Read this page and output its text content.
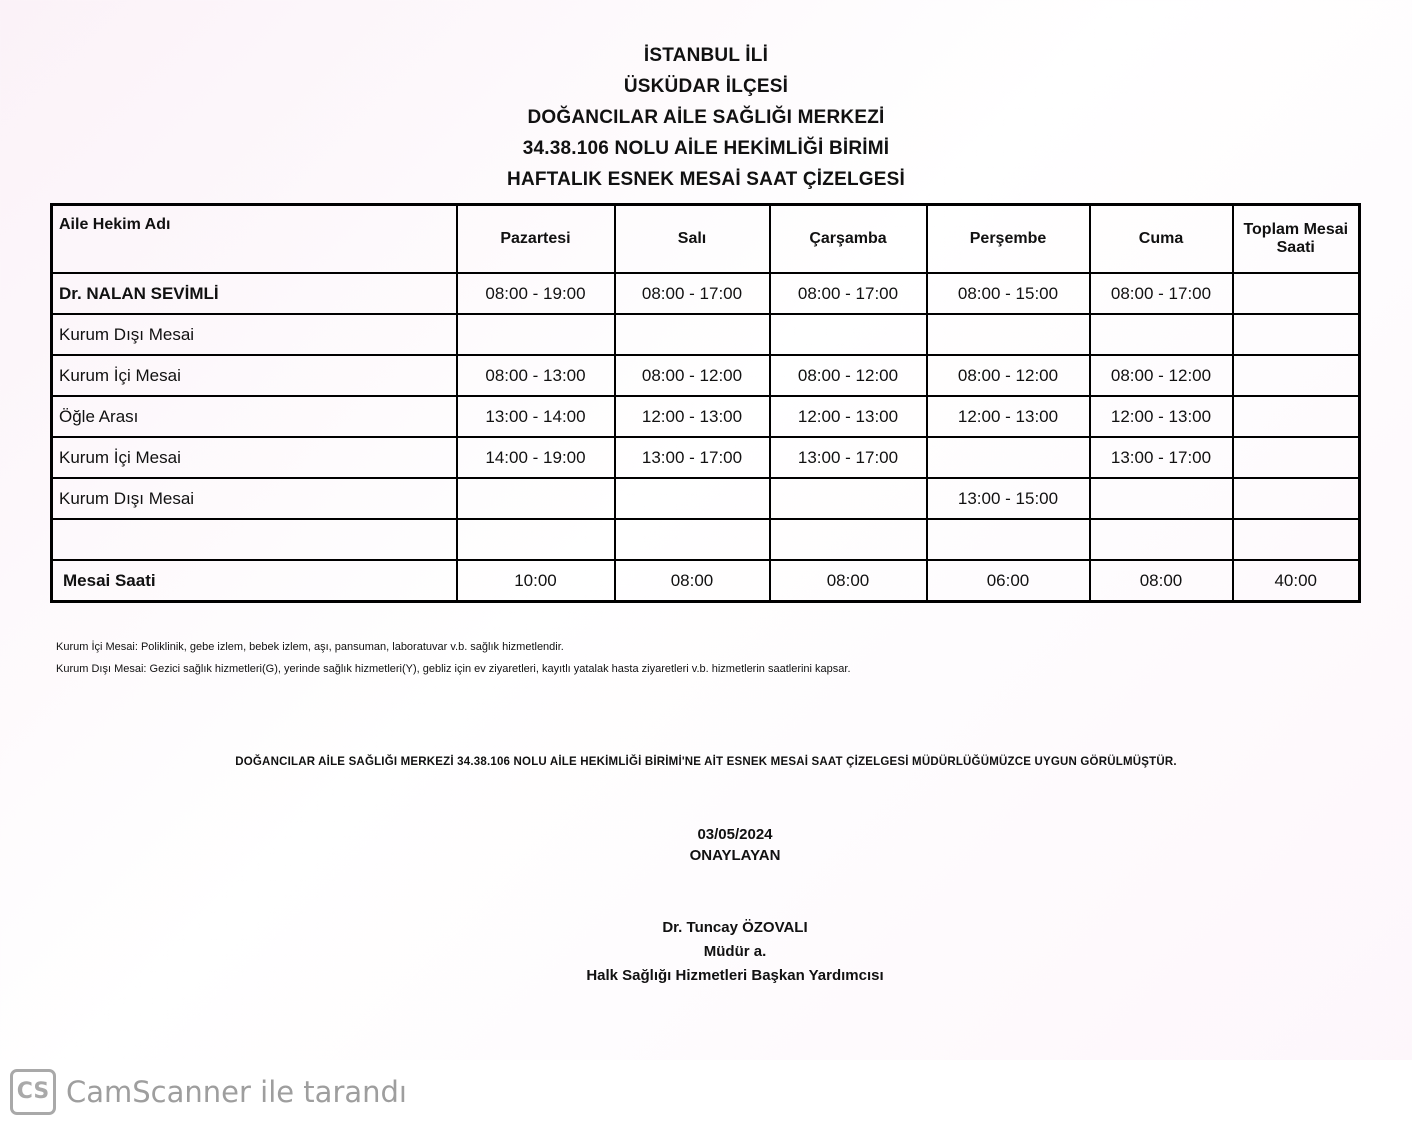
İSTANBUL İLİ
ÜSKÜDAR İLÇESİ
DOĞANCILAR AİLE SAĞLIĞI MERKEZİ
34.38.106 NOLU AİLE HEKİMLİĞİ BİRİMİ
HAFTALIK ESNEK MESAİ SAAT ÇİZELGESİ
Aile Hekim Adı	Pazartesi	Salı	Çarşamba	Perşembe	Cuma	Toplam Mesai Saati
Dr. NALAN SEVİMLİ	08:00 - 19:00	08:00 - 17:00	08:00 - 17:00	08:00 - 15:00	08:00 - 17:00	
Kurum Dışı Mesai						
Kurum İçi Mesai	08:00 - 13:00	08:00 - 12:00	08:00 - 12:00	08:00 - 12:00	08:00 - 12:00	
Öğle Arası	13:00 - 14:00	12:00 - 13:00	12:00 - 13:00	12:00 - 13:00	12:00 - 13:00	
Kurum İçi Mesai	14:00 - 19:00	13:00 - 17:00	13:00 - 17:00		13:00 - 17:00	
Kurum Dışı Mesai				13:00 - 15:00		

Mesai Saati	10:00	08:00	08:00	06:00	08:00	40:00
Kurum İçi Mesai: Poliklinik, gebe izlem, bebek izlem, aşı, pansuman, laboratuvar v.b. sağlık hizmetlendir.
Kurum Dışı Mesai: Gezici sağlık hizmetleri(G), yerinde sağlık hizmetleri(Y), gebliz için ev ziyaretleri, kayıtlı yatalak hasta ziyaretleri v.b. hizmetlerin saatlerini kapsar.
DOĞANCILAR AİLE SAĞLIĞI MERKEZİ 34.38.106 NOLU AİLE HEKİMLİĞİ BİRİMİ'NE AİT ESNEK MESAİ SAAT ÇİZELGESİ MÜDÜRLÜĞÜMÜZCE UYGUN GÖRÜLMÜŞTÜR.
03/05/2024
ONAYLAYAN
Dr. Tuncay ÖZOVALI
Müdür a.
Halk Sağlığı Hizmetleri Başkan Yardımcısı
CS CamScanner ile tarandı
